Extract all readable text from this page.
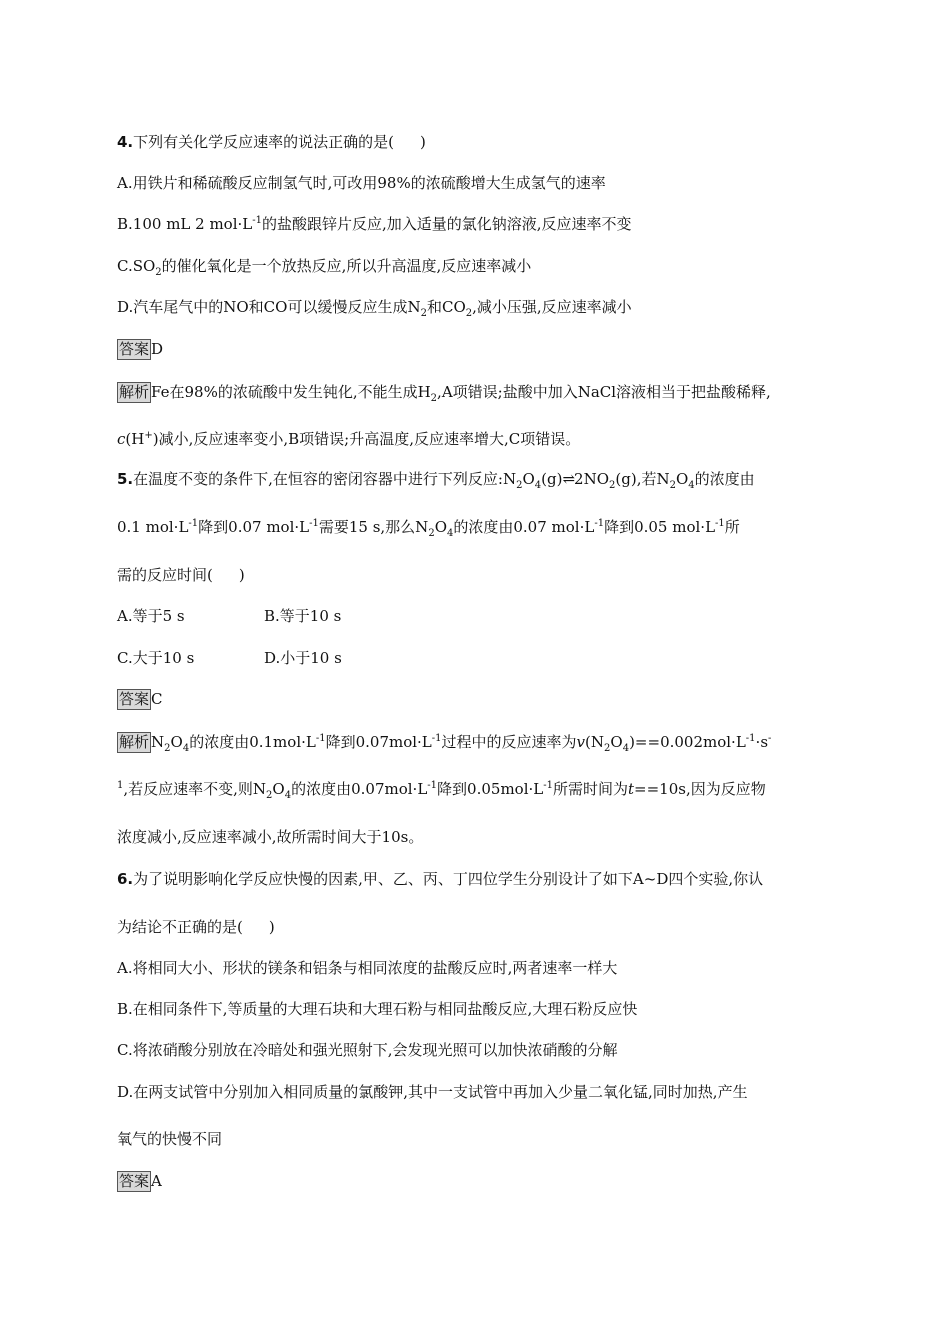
4.下列有关化学反应速率的说法正确的是( )
A.用铁片和稀硫酸反应制氢气时,可改用98%的浓硫酸增大生成氢气的速率
B.100 mL 2 $mol\cdot L^{-1}$的盐酸跟锌片反应,加入适量的氯化钠溶液,反应速率不变
$C.SO_2$的催化氧化是一个放热反应,所以升高温度,反应速率减小
D.汽车尾气中的NO和CO可以缓慢反应生成$N_2$和$CO_2$,减小压强,反应速率减小
答案 D
解析 Fe在98%的浓硫酸中发生钝化,不能生成$H_2,A$项错误;盐酸中加入NaCl溶液相当于把盐酸稀释,
c(H+)减小,反应速率变小,B项错误;升高温度,反应速率增大,C项错误。
5.在温度不变的条件下,在恒容的密闭容器中进行下列反应$:N_2O_4(g)\rightleftharpoons 2NO_2(g)$,若$N_2O_4$的浓度由
0.1 $mol\cdot L^{-1}$降到0.07 $mol\cdot L^{-1}$需要15 s,那么$N_2O_4$的浓度由0.07 $mol\cdot L^{-1}$降到0.05 $mol\cdot L^{-1}$所
需的反应时间( )
A.等于5 s	B.等于10 s
C.大于10 s	D.小于10 s
答案 C
解析 $N_2O_4$的浓度由$0.1mol\cdot L^{-1}$降到$0.07mol\cdot L^{-1}$过程中的反应速率为$v(N_2O_4)==0.002mol\cdot L^{-1}\cdot s^-$
$^1$,若反应速率不变,则$N_2O_4$的浓度由$0.07mol\cdot L^{-1}$降到$0.05mol\cdot L^{-1}$所需时间为t==10s,因为反应物
浓度减小,反应速率减小,故所需时间大于10s。
6.为了说明影响化学反应快慢的因素,甲、乙、丙、丁四位学生分别设计了如下A~D四个实验,你认
为结论不正确的是( )
A.将相同大小、形状的镁条和铝条与相同浓度的盐酸反应时,两者速率一样大
B.在相同条件下,等质量的大理石块和大理石粉与相同盐酸反应,大理石粉反应快
C.将浓硝酸分别放在冷暗处和强光照射下,会发现光照可以加快浓硝酸的分解
D.在两支试管中分别加入相同质量的氯酸钾,其中一支试管中再加入少量二氧化锰,同时加热,产生
氧气的快慢不同
答案 A
